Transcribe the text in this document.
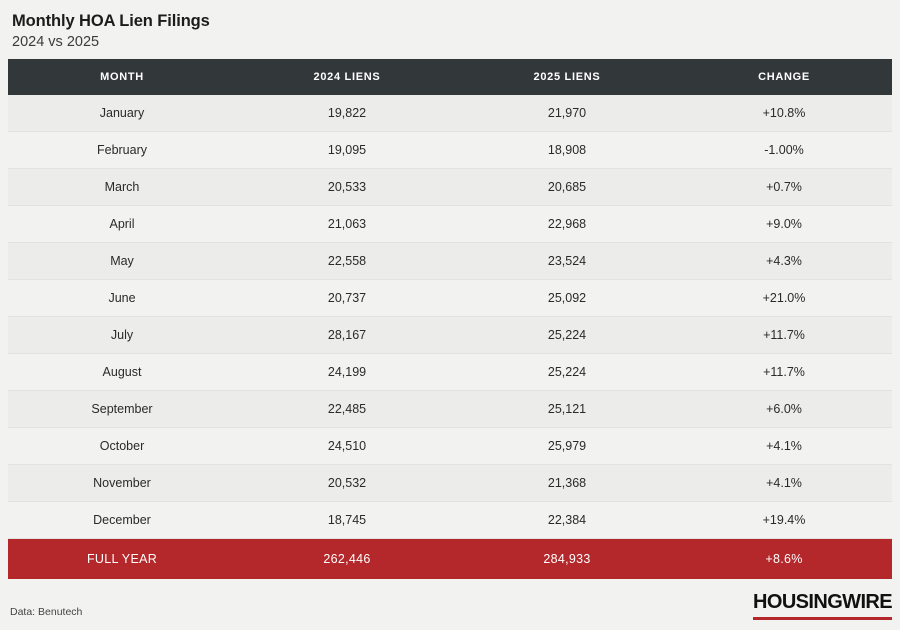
Monthly HOA Lien Filings
2024 vs 2025
MONTH	2024 LIENS	2025 LIENS	CHANGE
January	19,822	21,970	+10.8%
February	19,095	18,908	-1.00%
March	20,533	20,685	+0.7%
April	21,063	22,968	+9.0%
May	22,558	23,524	+4.3%
June	20,737	25,092	+21.0%
July	28,167	25,224	+11.7%
August	24,199	25,224	+11.7%
September	22,485	25,121	+6.0%
October	24,510	25,979	+4.1%
November	20,532	21,368	+4.1%
December	18,745	22,384	+19.4%
FULL YEAR	262,446	284,933	+8.6%
Data: Benutech	HOUSINGWIRE
